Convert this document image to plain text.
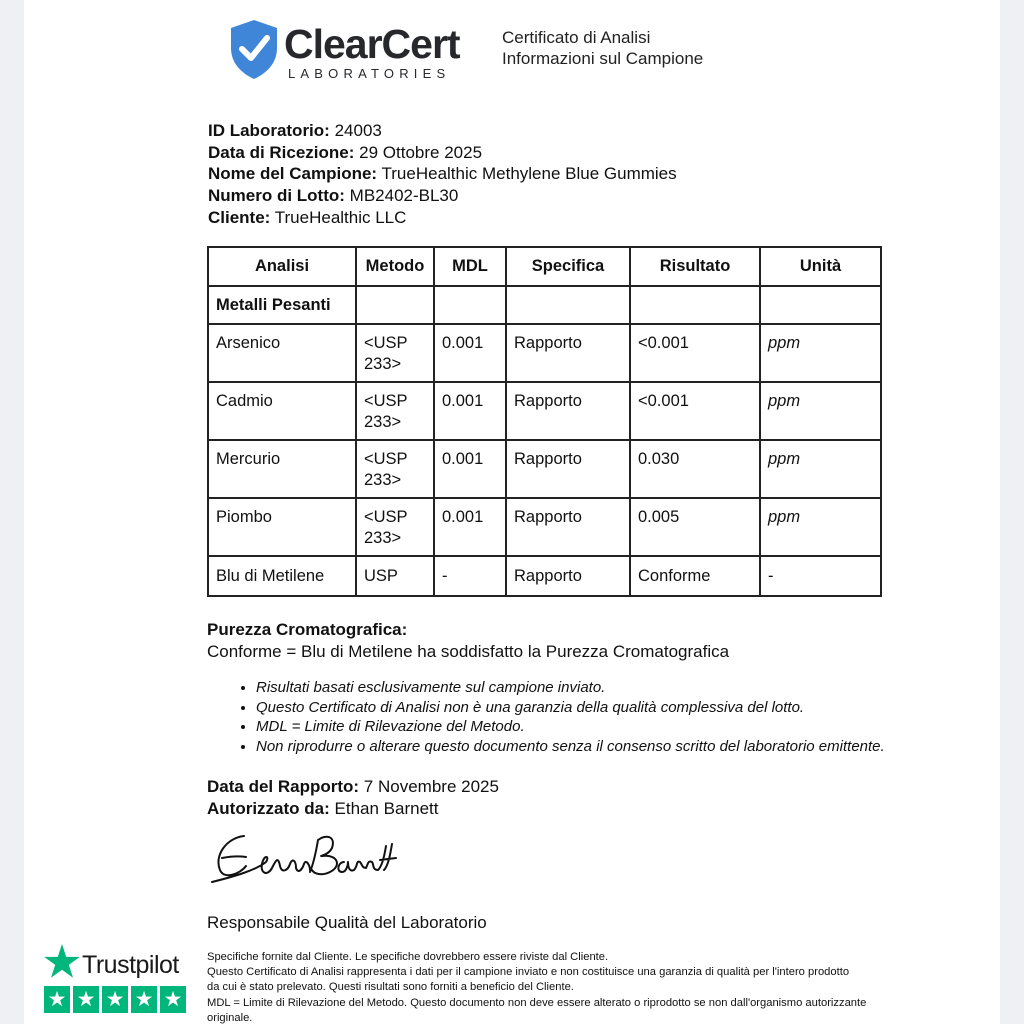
ClearCert
LABORATORIES
Certificato di Analisi
Informazioni sul Campione
ID Laboratorio: 24003
Data di Ricezione: 29 Ottobre 2025
Nome del Campione: TrueHealthic Methylene Blue Gummies
Numero di Lotto: MB2402-BL30
Cliente: TrueHealthic LLC
Analisi	Metodo	MDL	Specifica	Risultato	Unità
Metalli Pesanti					
Arsenico	<USP 233>	0.001	Rapporto	<0.001	ppm
Cadmio	<USP 233>	0.001	Rapporto	<0.001	ppm
Mercurio	<USP 233>	0.001	Rapporto	0.030	ppm
Piombo	<USP 233>	0.001	Rapporto	0.005	ppm
Blu di Metilene	USP	-	Rapporto	Conforme	-
Purezza Cromatografica:
Conforme = Blu di Metilene ha soddisfatto la Purezza Cromatografica
• Risultati basati esclusivamente sul campione inviato.
• Questo Certificato di Analisi non è una garanzia della qualità complessiva del lotto.
• MDL = Limite di Rilevazione del Metodo.
• Non riprodurre o alterare questo documento senza il consenso scritto del laboratorio emittente.
Data del Rapporto: 7 Novembre 2025
Autorizzato da: Ethan Barnett
Responsabile Qualità del Laboratorio
Trustpilot
★ ★ ★ ★ ★
Specifiche fornite dal Cliente. Le specifiche dovrebbero essere riviste dal Cliente.
Questo Certificato di Analisi rappresenta i dati per il campione inviato e non costituisce una garanzia di qualità per l'intero prodotto
da cui è stato prelevato. Questi risultati sono forniti a beneficio del Cliente.
MDL = Limite di Rilevazione del Metodo. Questo documento non deve essere alterato o riprodotto se non dall'organismo autorizzante
originale.
